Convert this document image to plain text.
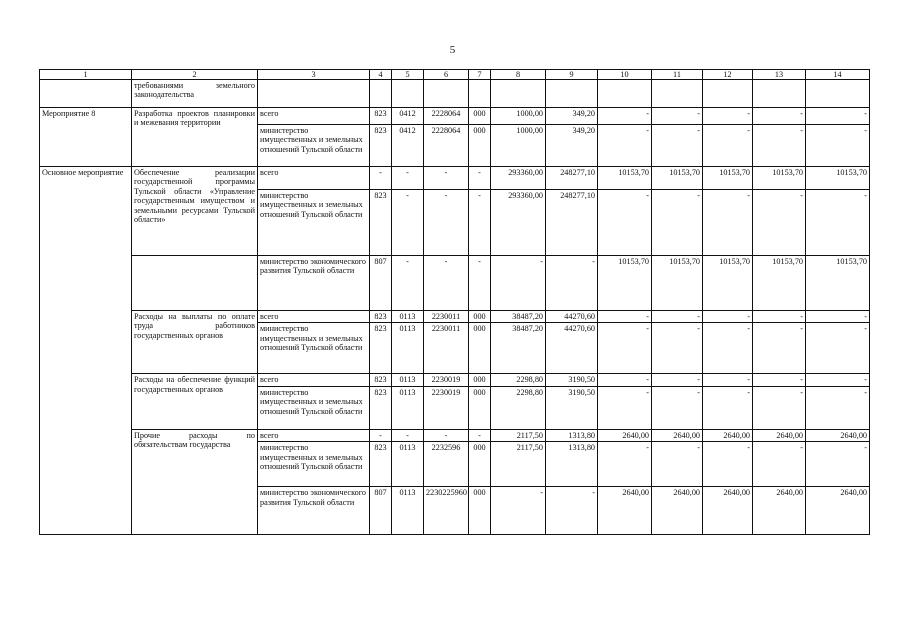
5
1	2	3	4	5	6	7	8	9	10	11	12	13	14
	требованиями земельного законодательства												
Мероприятие 8	Разработка проектов планировки и межевания территории	всего	823	0412	2228064	000	1000,00	349,20	-	-	-	-	-
		министерство имущественных и земельных отношений Тульской области	823	0412	2228064	000	1000,00	349,20	-	-	-	-	-
Основное мероприятие	Обеспечение реализации государственной программы Тульской области «Управление государственным имуществом и земельными ресурсами Тульской области»	всего	-	-	-	-	293360,00	248277,10	10153,70	10153,70	10153,70	10153,70	10153,70
		министерство имущественных и земельных отношений Тульской области	823	-	-	-	293360,00	248277,10	-	-	-	-	-
		министерство экономического развития Тульской области	807	-	-	-	-	-	10153,70	10153,70	10153,70	10153,70	10153,70
	Расходы на выплаты по оплате труда работников государственных органов	всего	823	0113	2230011	000	38487,20	44270,60	-	-	-	-	-
		министерство имущественных и земельных отношений Тульской области	823	0113	2230011	000	38487,20	44270,60	-	-	-	-	-
	Расходы на обеспечение функций государственных органов	всего	823	0113	2230019	000	2298,80	3190,50	-	-	-	-	-
		министерство имущественных и земельных отношений Тульской области	823	0113	2230019	000	2298,80	3190,50	-	-	-	-	-
	Прочие расходы по обязательствам государства	всего	-	-	-	-	2117,50	1313,80	2640,00	2640,00	2640,00	2640,00	2640,00
		министерство имущественных и земельных отношений Тульской области	823	0113	2232596	000	2117,50	1313,80	-	-	-	-	-
		министерство экономического развития Тульской области	807	0113	2230225960	000	-	-	2640,00	2640,00	2640,00	2640,00	2640,00
